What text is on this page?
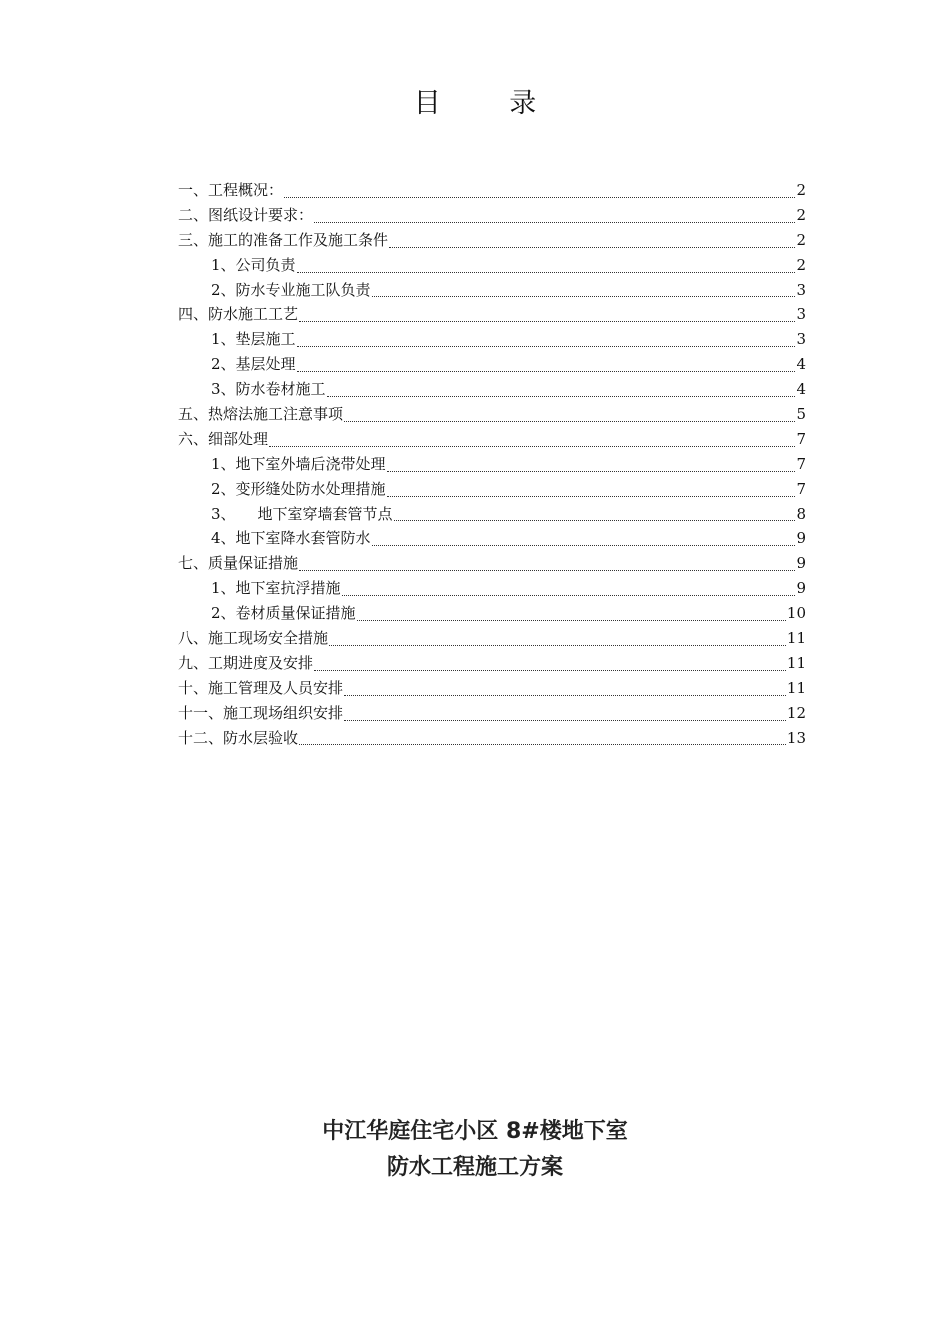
目 录
一、工程概况：	2
二、图纸设计要求：	2
三、施工的准备工作及施工条件	2
1、公司负责	2
2、防水专业施工队负责	3
四、防水施工工艺	3
1、垫层施工	3
2、基层处理	4
3、防水卷材施工	4
五、热熔法施工注意事项	5
六、细部处理	7
1、地下室外墙后浇带处理	7
2、变形缝处防水处理措施	7
3、 地下室穿墙套管节点	8
4、地下室降水套管防水	9
七、质量保证措施	9
1、地下室抗浮措施	9
2、卷材质量保证措施	10
八、施工现场安全措施	11
九、工期进度及安排	11
十、施工管理及人员安排	11
十一、施工现场组织安排	12
十二、防水层验收	13
中江华庭住宅小区 8#楼地下室
防水工程施工方案
